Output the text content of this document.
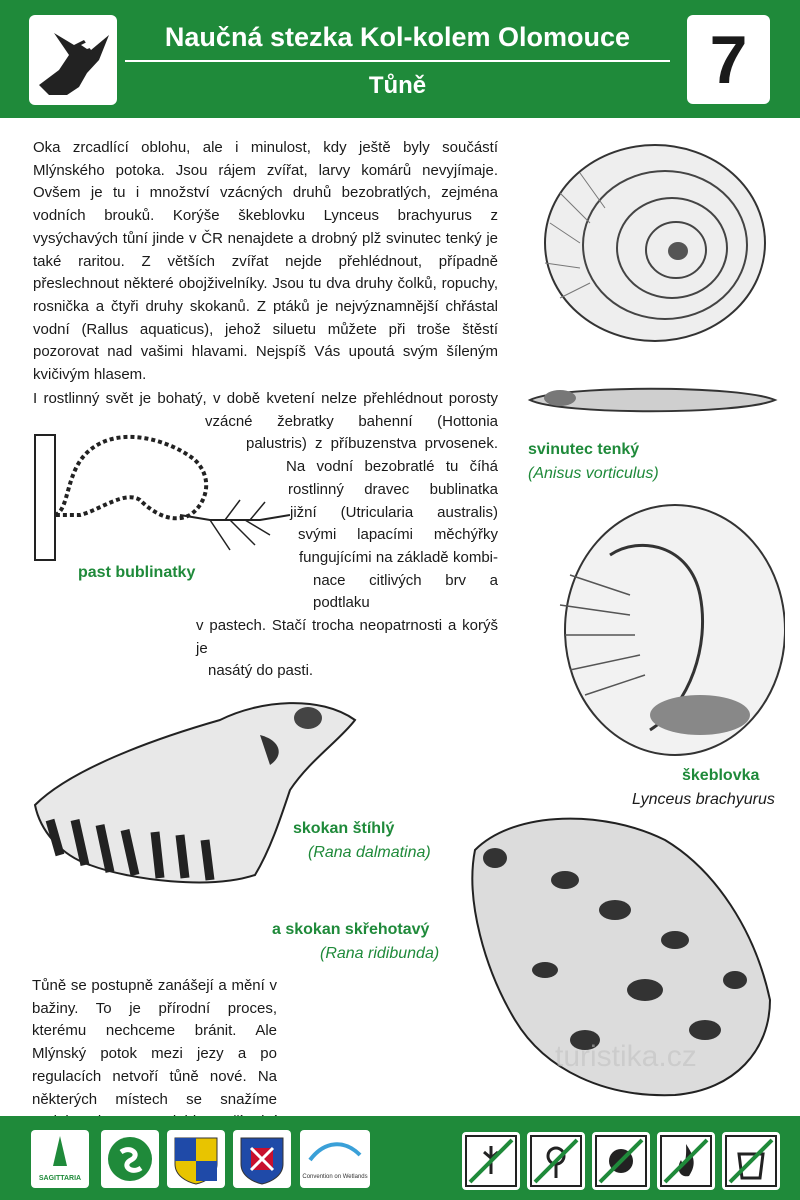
Naučná stezka Kol-kolem Olomouce
Tůně	7
Oka zrcadlící oblohu, ale i minulost, kdy ještě byly součástí Mlýnského potoka. Jsou rájem zvířat, larvy komárů nevyjímaje. Ovšem je tu i množství vzácných druhů bezobratlých, zejména vodních brouků. Korýše škeblovku Lynceus brachyurus z vysýchavých tůní jinde v ČR nenajdete a drobný plž svinutec tenký je také raritou. Z větších zvířat nejde přehlédnout, případně přeslechnout některé obojživelníky. Jsou tu dva druhy čolků, ropuchy, rosnička a čtyři druhy skokanů. Z ptáků je nejvýznamnější chřástal vodní (Rallus aquaticus), jehož siluetu můžete při troše štěstí pozorovat nad vašimi hlavami. Nejspíš Vás upoutá svým šíleným kvičivým hlasem.
I rostlinný svět je bohatý, v době kvetení nelze přehlédnout porosty
vzácné žebratky bahenní (Hottonia
palustris) z příbuzenstva prvosenek.
Na vodní bezobratlé tu číhá
rostlinný dravec bublinatka
jižní (Utricularia australis)
svými lapacími měchýřky
fungujícími na základě kombi-
nace citlivých brv a podtlaku
v pastech. Stačí trocha neopatrnosti a korýš je
nasátý do pasti.
past bublinatky
svinutec tenký
(Anisus vorticulus)
škeblovka
Lynceus brachyurus
skokan štíhlý
(Rana dalmatina)
a skokan skřehotavý
(Rana ridibunda)
Tůně se postupně zanášejí a mění v bažiny. To je přírodní proces, kterému nechceme bránit. Ale Mlýnský potok mezi jezy a po regulacích netvoří tůně nové. Na některých místech se snažíme
turistika.cz
SAGITTARIA	Convention on Wetlands
